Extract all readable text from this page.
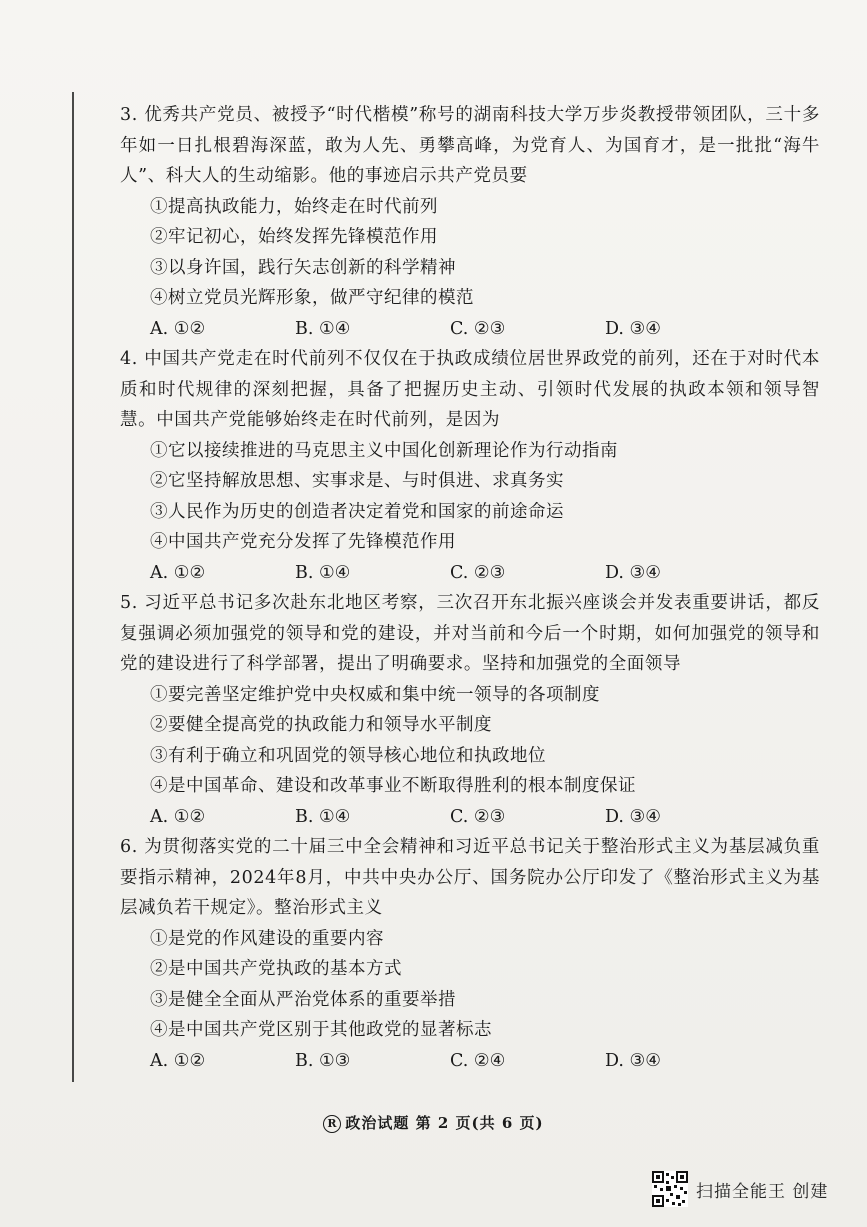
3. 优秀共产党员、被授予“时代楷模”称号的湖南科技大学万步炎教授带领团队，三十多年如一日扎根碧海深蓝，敢为人先、勇攀高峰，为党育人、为国育才，是一批批“海牛人”、科大人的生动缩影。他的事迹启示共产党员要
①提高执政能力，始终走在时代前列
②牢记初心，始终发挥先锋模范作用
③以身许国，践行矢志创新的科学精神
④树立党员光辉形象，做严守纪律的模范
A. ①②	B. ①④	C. ②③	D. ③④
4. 中国共产党走在时代前列不仅仅在于执政成绩位居世界政党的前列，还在于对时代本质和时代规律的深刻把握，具备了把握历史主动、引领时代发展的执政本领和领导智慧。中国共产党能够始终走在时代前列，是因为
①它以接续推进的马克思主义中国化创新理论作为行动指南
②它坚持解放思想、实事求是、与时俱进、求真务实
③人民作为历史的创造者决定着党和国家的前途命运
④中国共产党充分发挥了先锋模范作用
A. ①②	B. ①④	C. ②③	D. ③④
5. 习近平总书记多次赴东北地区考察，三次召开东北振兴座谈会并发表重要讲话，都反复强调必须加强党的领导和党的建设，并对当前和今后一个时期，如何加强党的领导和党的建设进行了科学部署，提出了明确要求。坚持和加强党的全面领导
①要完善坚定维护党中央权威和集中统一领导的各项制度
②要健全提高党的执政能力和领导水平制度
③有利于确立和巩固党的领导核心地位和执政地位
④是中国革命、建设和改革事业不断取得胜利的根本制度保证
A. ①②	B. ①④	C. ②③	D. ③④
6. 为贯彻落实党的二十届三中全会精神和习近平总书记关于整治形式主义为基层减负重要指示精神，2024年8月，中共中央办公厅、国务院办公厅印发了《整治形式主义为基层减负若干规定》。整治形式主义
①是党的作风建设的重要内容
②是中国共产党执政的基本方式
③是健全全面从严治党体系的重要举措
④是中国共产党区别于其他政党的显著标志
A. ①②	B. ①③	C. ②④	D. ③④
R 政治试题 第 2 页(共 6 页)
扫描全能王 创建
